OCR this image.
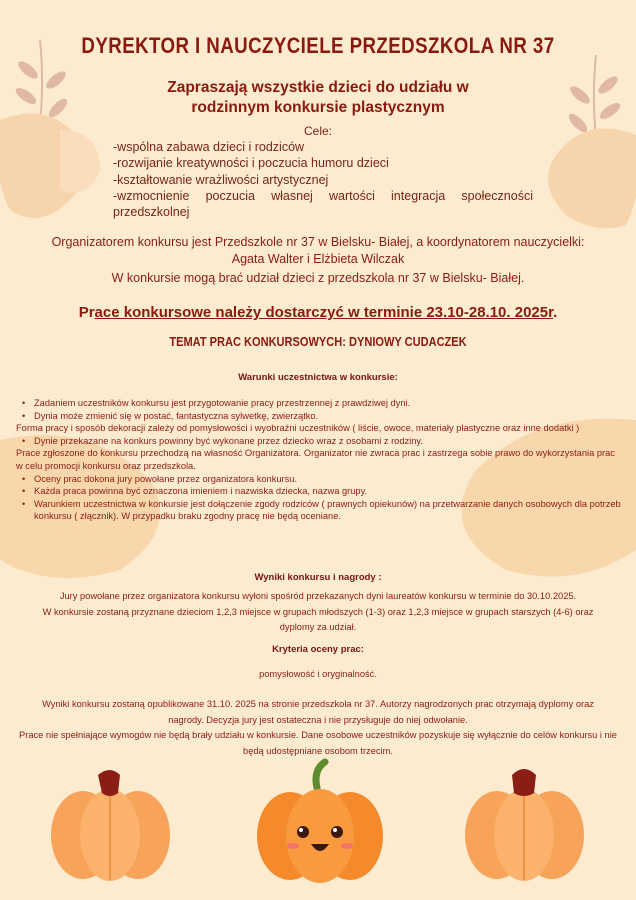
DYREKTOR I NAUCZYCIELE PRZEDSZKOLA NR 37
Zapraszają wszystkie dzieci do udziału w
rodzinnym konkursie plastycznym
Cele:
-wspólna zabawa dzieci i rodziców
-rozwijanie kreatywności i poczucia humoru dzieci
-kształtowanie wrażliwości artystycznej
-wzmocnienie poczucia własnej wartości integracja społeczności przedszkolnej
Organizatorem konkursu jest Przedszkole nr 37 w Bielsku- Białej, a koordynatorem nauczycielki:
Agata Walter i Elżbieta Wilczak
W konkursie mogą brać udział dzieci z przedszkola nr 37 w Bielsku- Białej.
Prace konkursowe należy dostarczyć w terminie 23.10-28.10. 2025r.
TEMAT PRAC KONKURSOWYCH: DYNIOWY CUDACZEK
Warunki uczestnictwa w konkursie:
• Zadaniem uczestników konkursu jest przygotowanie pracy przestrzennej z prawdziwej dyni.
• Dynia może zmienić się w postać, fantastyczna sylwetkę, zwierzątko.
Forma pracy i sposób dekoracji zależy od pomysłowości i wyobraźni uczestników ( liście, owoce, materiały plastyczne oraz inne dodatki )
• Dynie przekazane na konkurs powinny być wykonane przez dziecko wraz z osobami z rodziny.
Prace zgłoszone do konkursu przechodzą na własność Organizatora. Organizator nie zwraca prac i zastrzega sobie prawo do wykorzystania prac w celu promocji konkursu oraz przedszkola.
• Oceny prac dokona jury powołane przez organizatora konkursu.
• Każda praca powinna być oznaczona imieniem i nazwiska dziecka, nazwa grupy.
• Warunkiem uczestnictwa w konkursie jest dołączenie zgody rodziców ( prawnych opiekunów) na przetwarzanie danych osobowych dla potrzeb konkursu ( złącznik). W przypadku braku zgodny pracę nie będą oceniane.
Wyniki konkursu i nagrody :
Jury powołane przez organizatora konkursu wyłoni spośród przekazanych dyni laureatów konkursu w terminie do 30.10.2025.
W konkursie zostaną przyznane dzieciom 1,2,3 miejsce w grupach młodszych (1-3) oraz 1,2,3 miejsce w grupach starszych (4-6) oraz dyplomy za udział.
Kryteria oceny prac:
pomysłowość i oryginalność.
Wyniki konkursu zostaną opublikowane 31.10. 2025 na stronie przedszkola nr 37. Autorzy nagrodzonych prac otrzymają dyplomy oraz nagrody. Decyzja jury jest ostateczna i nie przysługuje do niej odwołanie.
Prace nie spełniające wymogów nie będą brały udziału w konkursie. Dane osobowe uczestników pozyskuje się wyłącznie do celów konkursu i nie będą udostępniane osobom trzecim.
